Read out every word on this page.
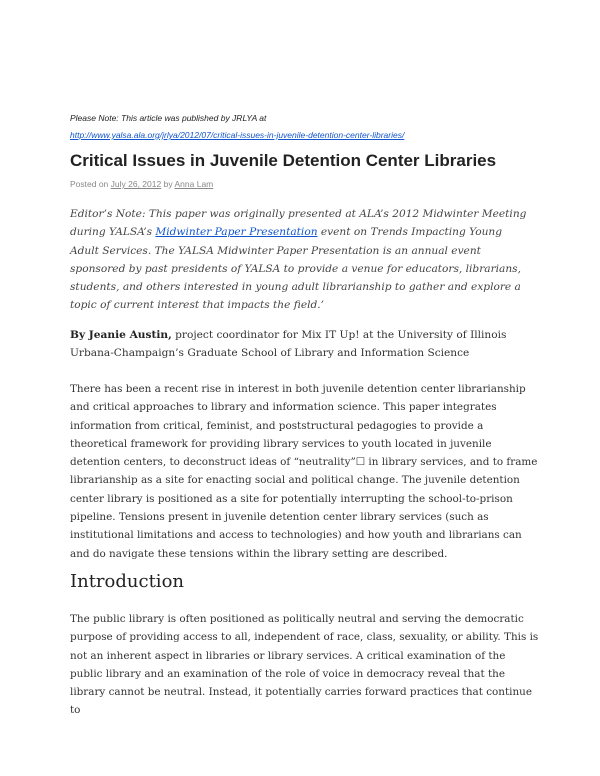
Please Note: This article was published by JRLYA at
http://www.yalsa.ala.org/jrlya/2012/07/critical-issues-in-juvenile-detention-center-libraries/
Critical Issues in Juvenile Detention Center Libraries
Posted on July 26, 2012 by Anna Lam

Editor’s Note: This paper was originally presented at ALA’s 2012 Midwinter Meeting during YALSA’s Midwinter Paper Presentation event on Trends Impacting Young Adult Services. The YALSA Midwinter Paper Presentation is an annual event sponsored by past presidents of YALSA to provide a venue for educators, librarians, students, and others interested in young adult librarianship to gather and explore a topic of current interest that impacts the field.’

By Jeanie Austin, project coordinator for Mix IT Up! at the University of Illinois Urbana-Champaign’s Graduate School of Library and Information Science

There has been a recent rise in interest in both juvenile detention center librarianship and critical approaches to library and information science. This paper integrates information from critical, feminist, and poststructural pedagogies to provide a theoretical framework for providing library services to youth located in juvenile detention centers, to deconstruct ideas of “neutrality”☐ in library services, and to frame librarianship as a site for enacting social and political change. The juvenile detention center library is positioned as a site for potentially interrupting the school-to-prison pipeline. Tensions present in juvenile detention center library services (such as institutional limitations and access to technologies) and how youth and librarians can and do navigate these tensions within the library setting are described.

Introduction

The public library is often positioned as politically neutral and serving the democratic purpose of providing access to all, independent of race, class, sexuality, or ability. This is not an inherent aspect in libraries or library services. A critical examination of the public library and an examination of the role of voice in democracy reveal that the library cannot be neutral. Instead, it potentially carries forward practices that continue to
